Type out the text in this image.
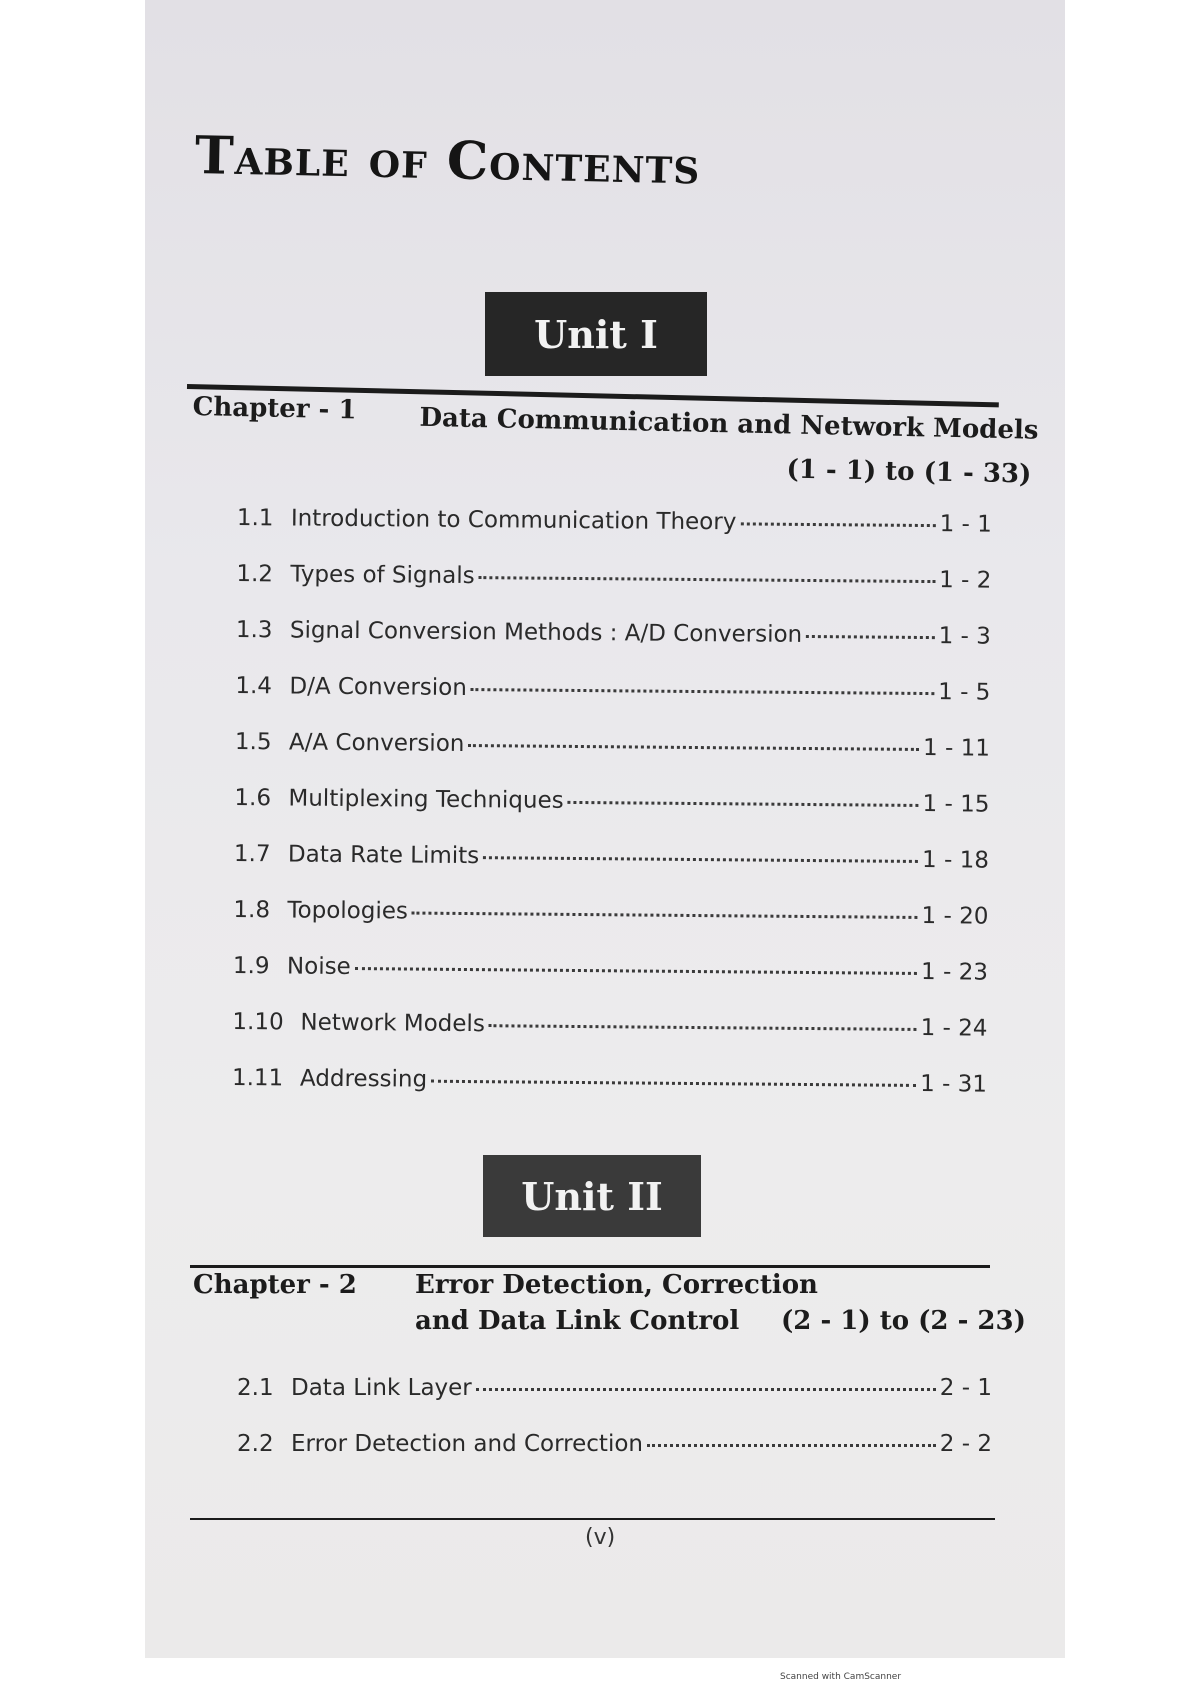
Table of Contents
Unit I
Chapter - 1 Data Communication and Network Models
(1 - 1) to (1 - 33)
1.1 Introduction to Communication Theory	1 - 1
1.2 Types of Signals	1 - 2
1.3 Signal Conversion Methods : A/D Conversion	1 - 3
1.4 D/A Conversion	1 - 5
1.5 A/A Conversion	1 - 11
1.6 Multiplexing Techniques	1 - 15
1.7 Data Rate Limits	1 - 18
1.8 Topologies	1 - 20
1.9 Noise	1 - 23
1.10 Network Models	1 - 24
1.11 Addressing	1 - 31
Unit II
Chapter - 2 Error Detection, Correction
and Data Link Control (2 - 1) to (2 - 23)
2.1 Data Link Layer	2 - 1
2.2 Error Detection and Correction	2 - 2
(v)
Scanned with CamScanner
